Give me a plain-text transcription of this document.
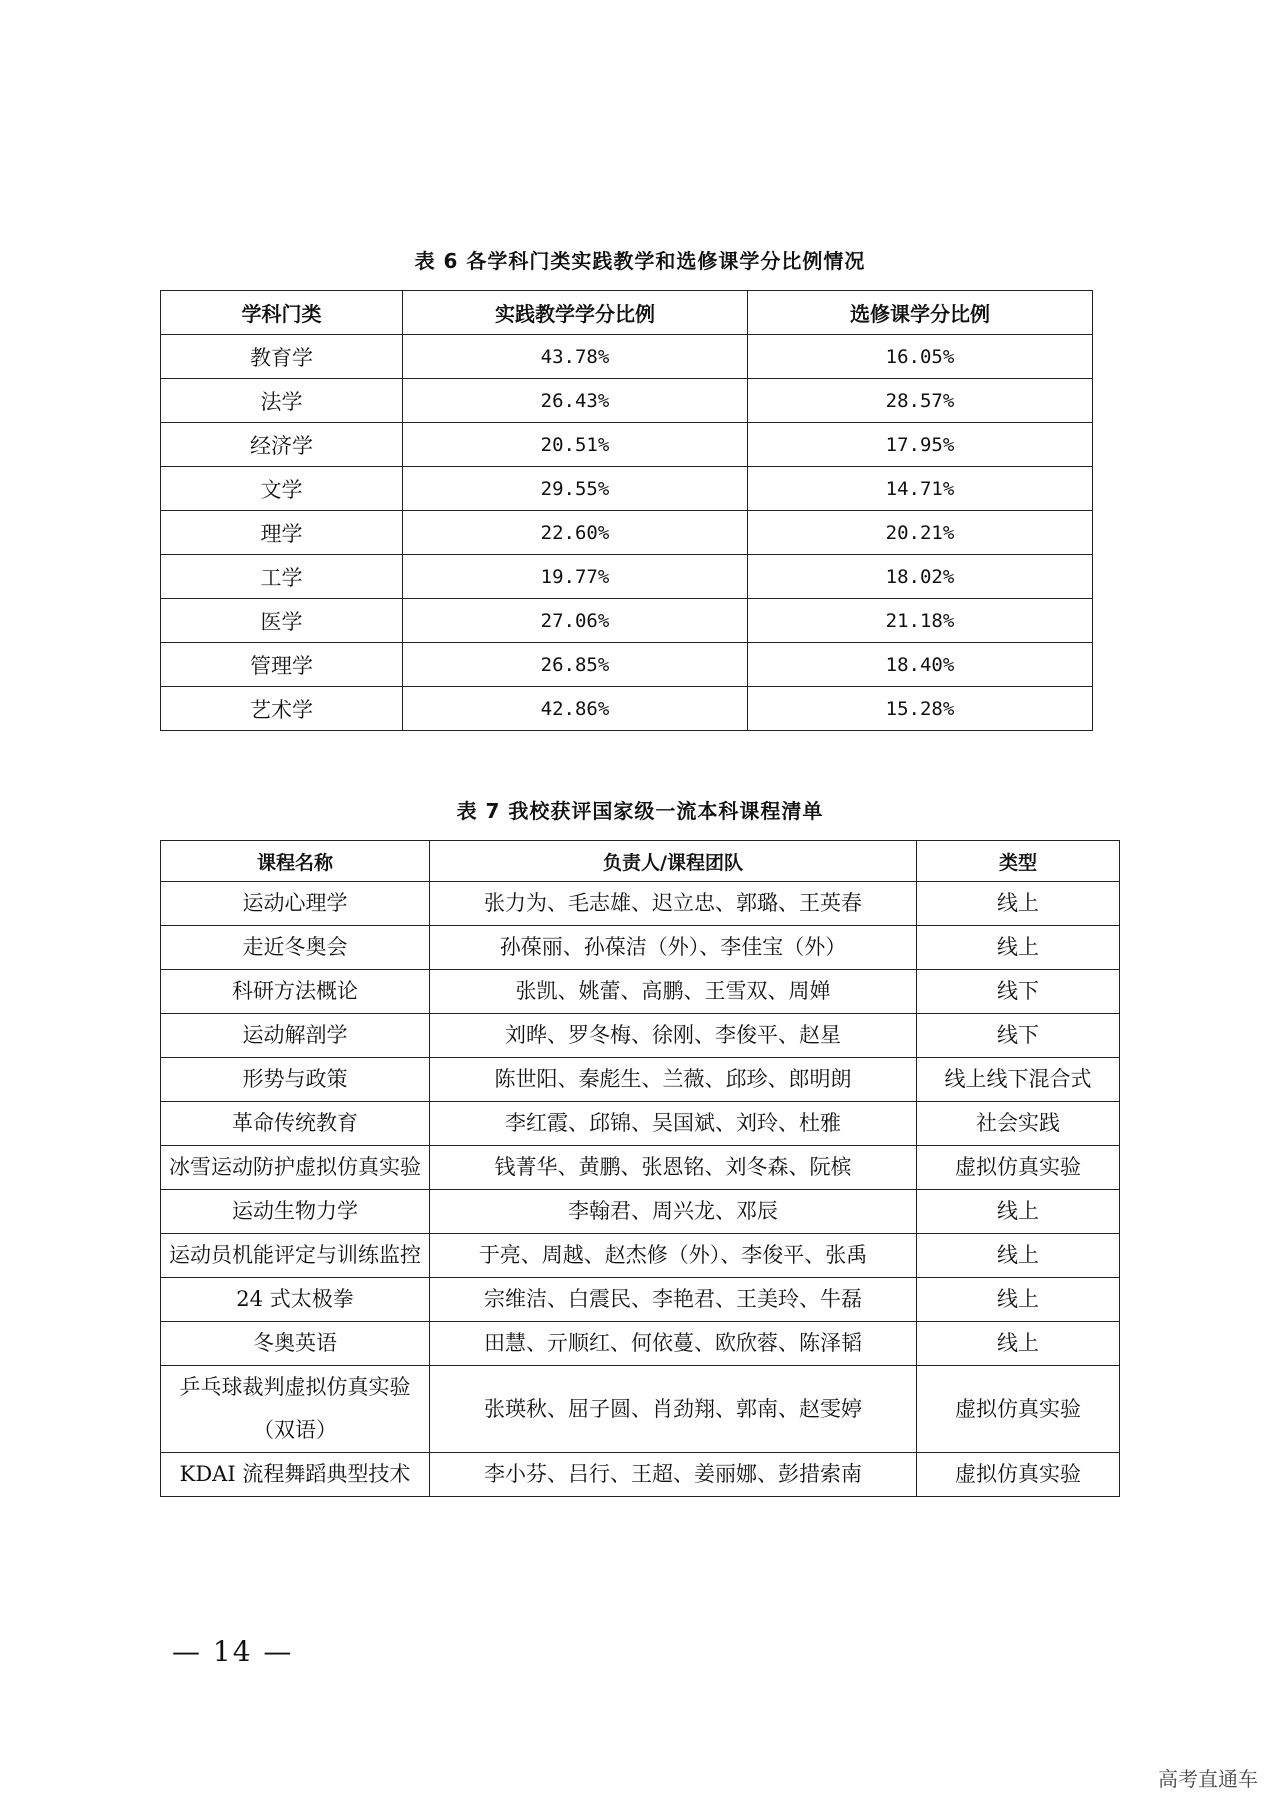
表 6 各学科门类实践教学和选修课学分比例情况
学科门类	实践教学学分比例	选修课学分比例
教育学	43.78%	16.05%
法学	26.43%	28.57%
经济学	20.51%	17.95%
文学	29.55%	14.71%
理学	22.60%	20.21%
工学	19.77%	18.02%
医学	27.06%	21.18%
管理学	26.85%	18.40%
艺术学	42.86%	15.28%
表 7 我校获评国家级一流本科课程清单
课程名称	负责人/课程团队	类型
运动心理学	张力为、毛志雄、迟立忠、郭璐、王英春	线上
走近冬奥会	孙葆丽、孙葆洁（外）、李佳宝（外）	线上
科研方法概论	张凯、姚蕾、高鹏、王雪双、周婵	线下
运动解剖学	刘晔、罗冬梅、徐刚、李俊平、赵星	线下
形势与政策	陈世阳、秦彪生、兰薇、邱珍、郎明朗	线上线下混合式
革命传统教育	李红霞、邱锦、吴国斌、刘玲、杜雅	社会实践
冰雪运动防护虚拟仿真实验	钱菁华、黄鹏、张恩铭、刘冬森、阮槟	虚拟仿真实验
运动生物力学	李翰君、周兴龙、邓辰	线上
运动员机能评定与训练监控	于亮、周越、赵杰修（外）、李俊平、张禹	线上
24 式太极拳	宗维洁、白震民、李艳君、王美玲、牛磊	线上
冬奥英语	田慧、亓顺红、何依蔓、欧欣蓉、陈泽韬	线上
乒乓球裁判虚拟仿真实验（双语）	张瑛秋、屈子圆、肖劲翔、郭南、赵雯婷	虚拟仿真实验
KDAI 流程舞蹈典型技术	李小芬、吕行、王超、姜丽娜、彭措索南	虚拟仿真实验
— 14 —
高考直通车
